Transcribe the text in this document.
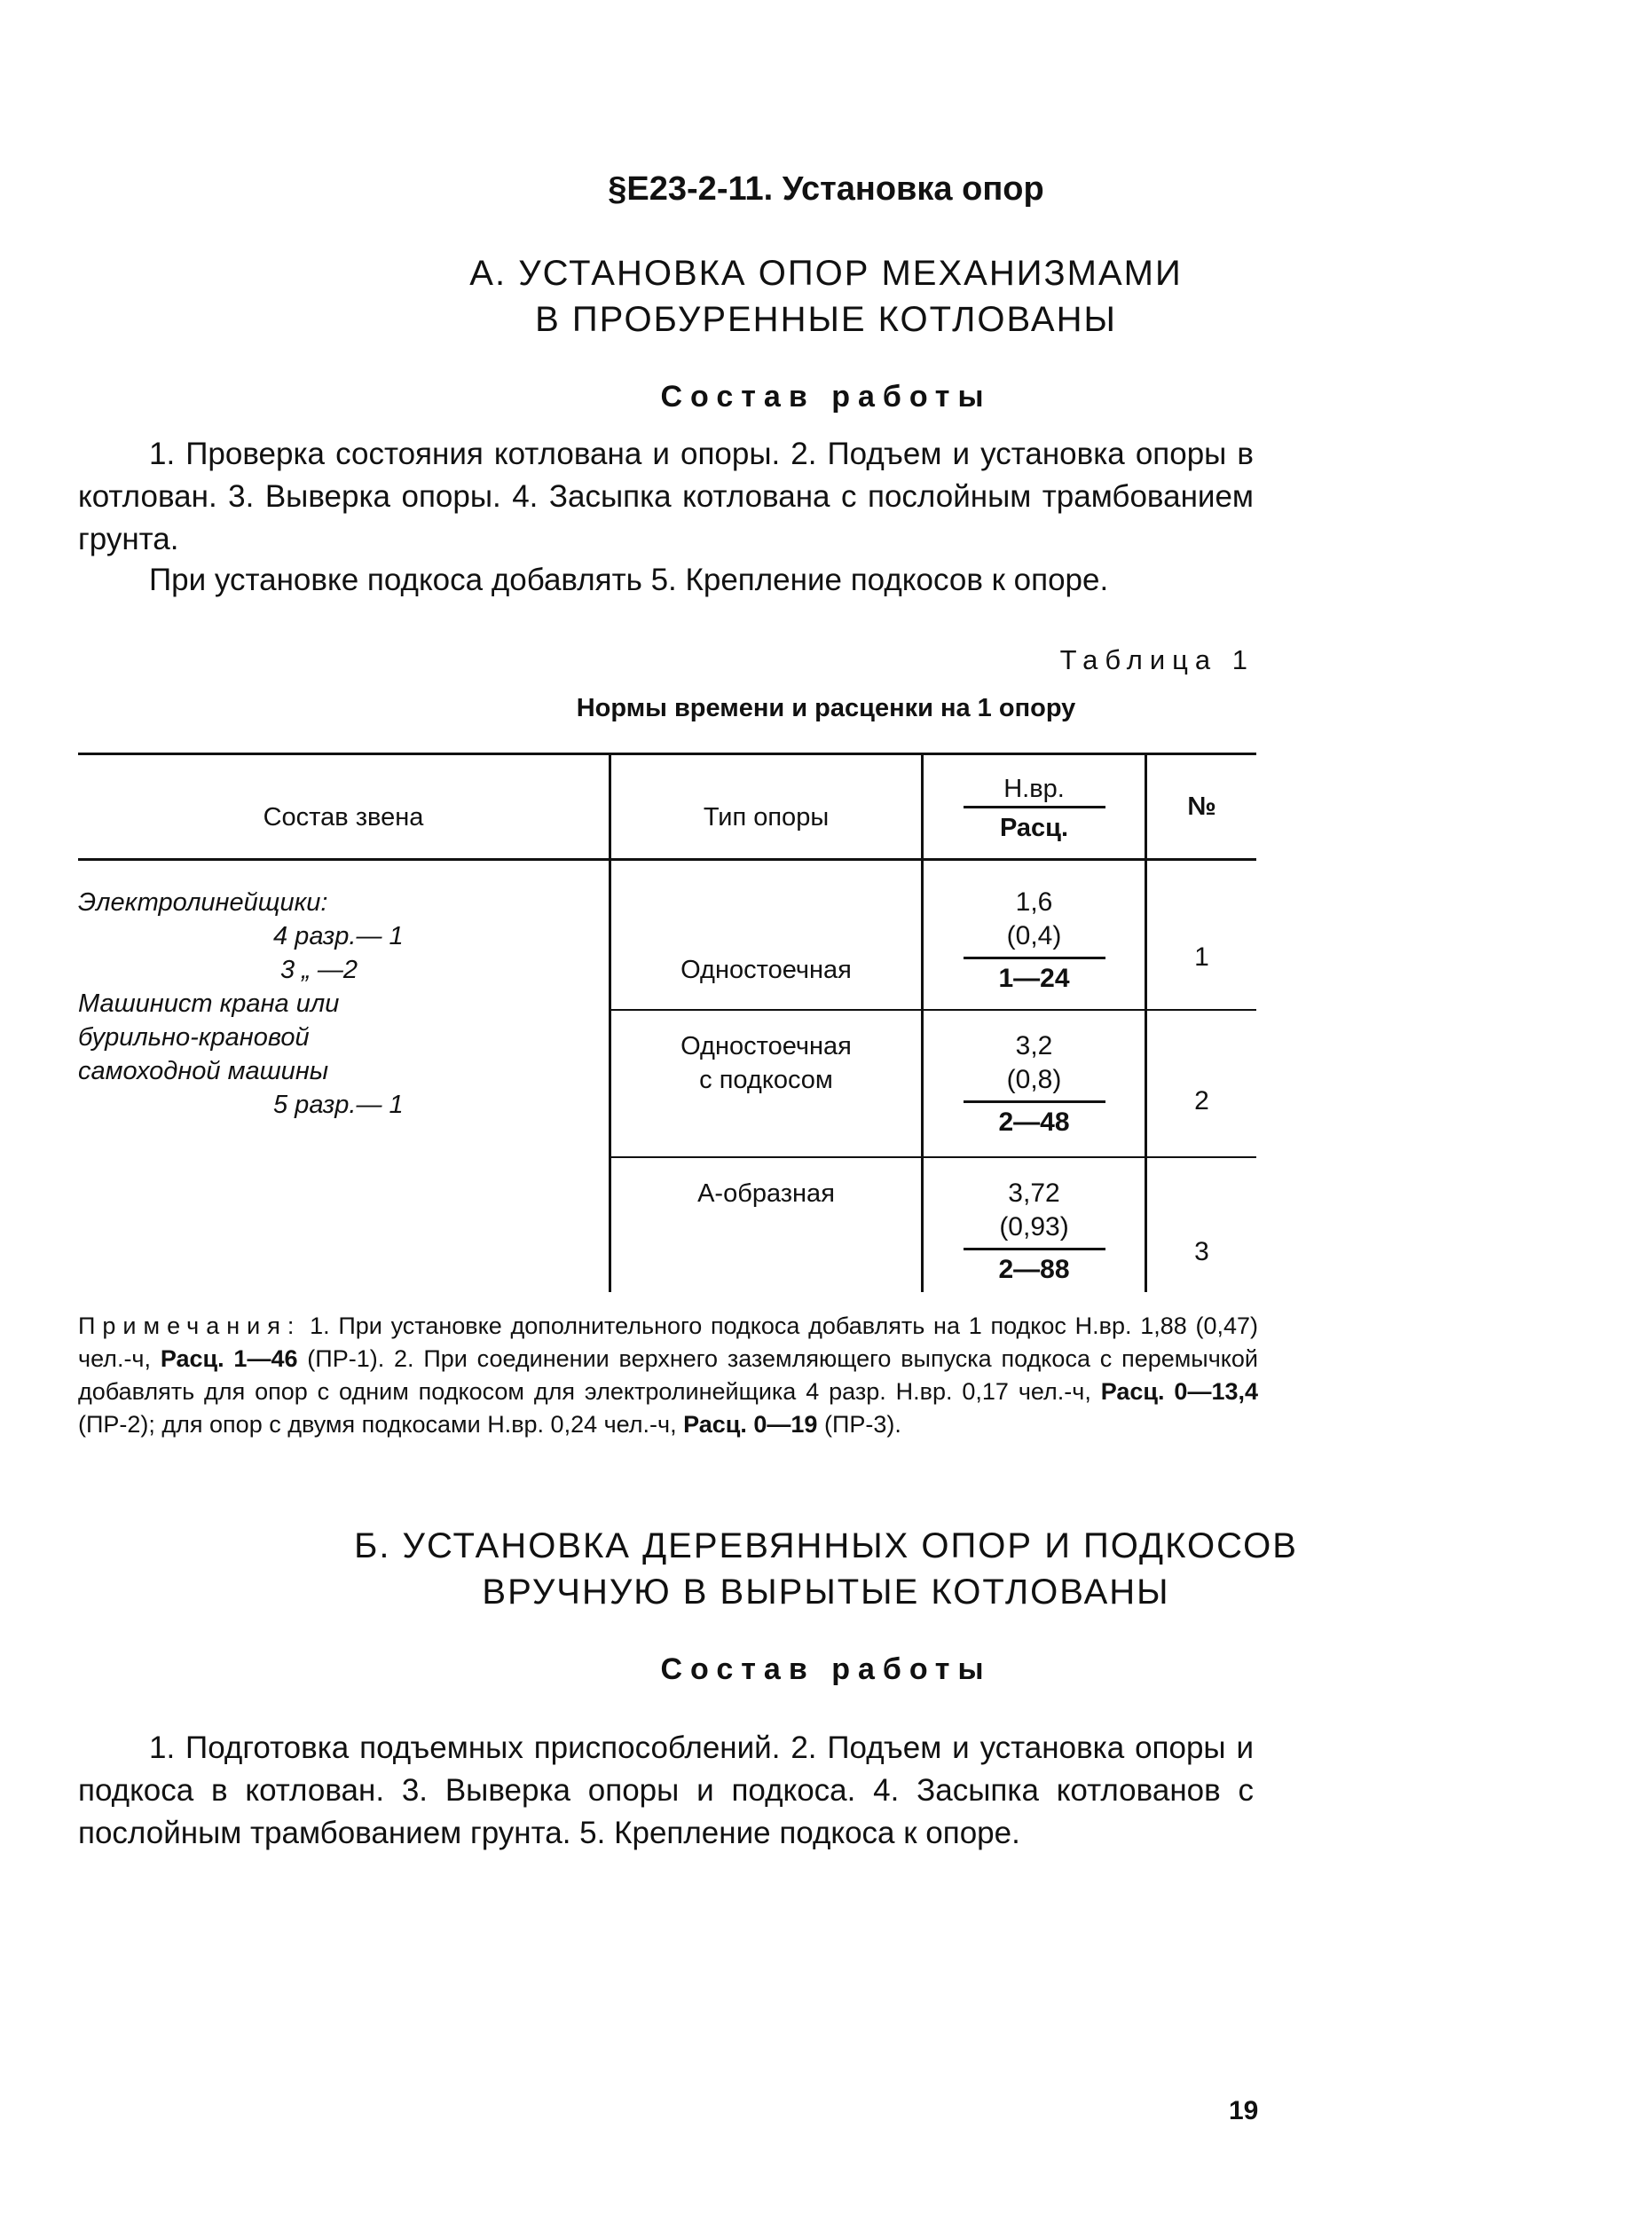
§Е23-2-11. Установка опор
А. УСТАНОВКА ОПОР МЕХАНИЗМАМИ
В ПРОБУРЕННЫЕ КОТЛОВАНЫ
Состав работы
1. Проверка состояния котлована и опоры. 2. Подъем и установка опоры в котлован. 3. Выверка опоры. 4. Засыпка котлована с послойным трамбованием грунта.
При установке подкоса добавлять 5. Крепление подкосов к опоре.
Таблица 1
Нормы времени и расценки на 1 опору
Состав звена	Тип опоры
Н.вр.
Расц.
№
Электролинейщики:
4 разр.— 1
3 „ —2
Машинист крана или
бурильно-крановой
самоходной машины
5 разр.— 1
Одностоечная
1,6
(0,4)
1—24
1
Одностоечная
с подкосом
3,2
(0,8)
2—48
2
А-образная	3,72
(0,93)
2—88
3
Примечания: 1. При установке дополнительного подкоса добавлять на 1 подкос Н.вр. 1,88 (0,47) чел.-ч, Расц. 1—46 (ПР-1). 2. При соединении верхнего заземляющего выпуска подкоса с перемычкой добавлять для опор с одним подкосом для электролинейщика 4 разр. Н.вр. 0,17 чел.-ч, Расц. 0—13,4 (ПР-2); для опор с двумя подкосами Н.вр. 0,24 чел.-ч, Расц. 0—19 (ПР-3).
Б. УСТАНОВКА ДЕРЕВЯННЫХ ОПОР И ПОДКОСОВ
ВРУЧНУЮ В ВЫРЫТЫЕ КОТЛОВАНЫ
Состав работы
1. Подготовка подъемных приспособлений. 2. Подъем и установка опоры и подкоса в котлован. 3. Выверка опоры и подкоса. 4. Засыпка котлованов с послойным трамбованием грунта. 5. Крепление подкоса к опоре.
19
